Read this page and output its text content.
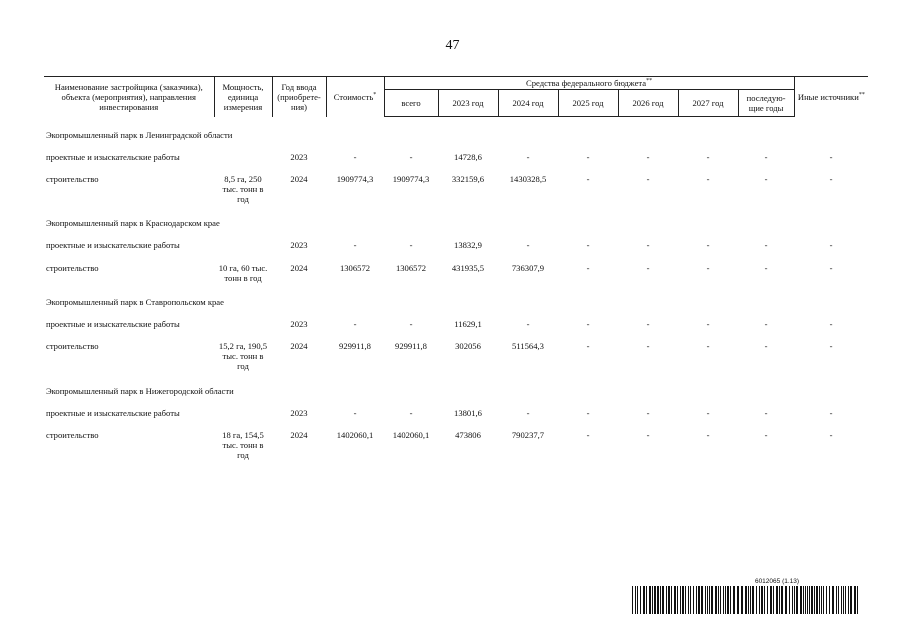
47
Наименование застройщика (заказчика), объекта (мероприятия), направления инвестирования	Мощность, единица измерения	Год ввода (приобрете-ния)	Стоимость*	Средства федерального бюджета**							Иные источники**
				всего	2023 год	2024 год	2025 год	2026 год	2027 год	последую-щие годы	
Экопромышленный парк в Ленинградской области											
проектные и изыскательские работы		2023	-	-	14728,6	-	-	-	-	-	-
строительство	8,5 га, 250 тыс. тонн в год	2024	1909774,3	1909774,3	332159,6	1430328,5	-	-	-	-	-
Экопромышленный парк в Краснодарском крае											
проектные и изыскательские работы		2023	-	-	13832,9	-	-	-	-	-	-
строительство	10 га, 60 тыс. тонн в год	2024	1306572	1306572	431935,5	736307,9	-	-	-	-	-
Экопромышленный парк в Ставропольском крае											
проектные и изыскательские работы		2023	-	-	11629,1	-	-	-	-	-	-
строительство	15,2 га, 190,5 тыс. тонн в год	2024	929911,8	929911,8	302056	511564,3	-	-	-	-	-
Экопромышленный парк в Нижегородской области											
проектные и изыскательские работы		2023	-	-	13801,6	-	-	-	-	-	-
строительство	18 га, 154,5 тыс. тонн в год	2024	1402060,1	1402060,1	473806	790237,7	-	-	-	-	-
6012065 (1.13)
